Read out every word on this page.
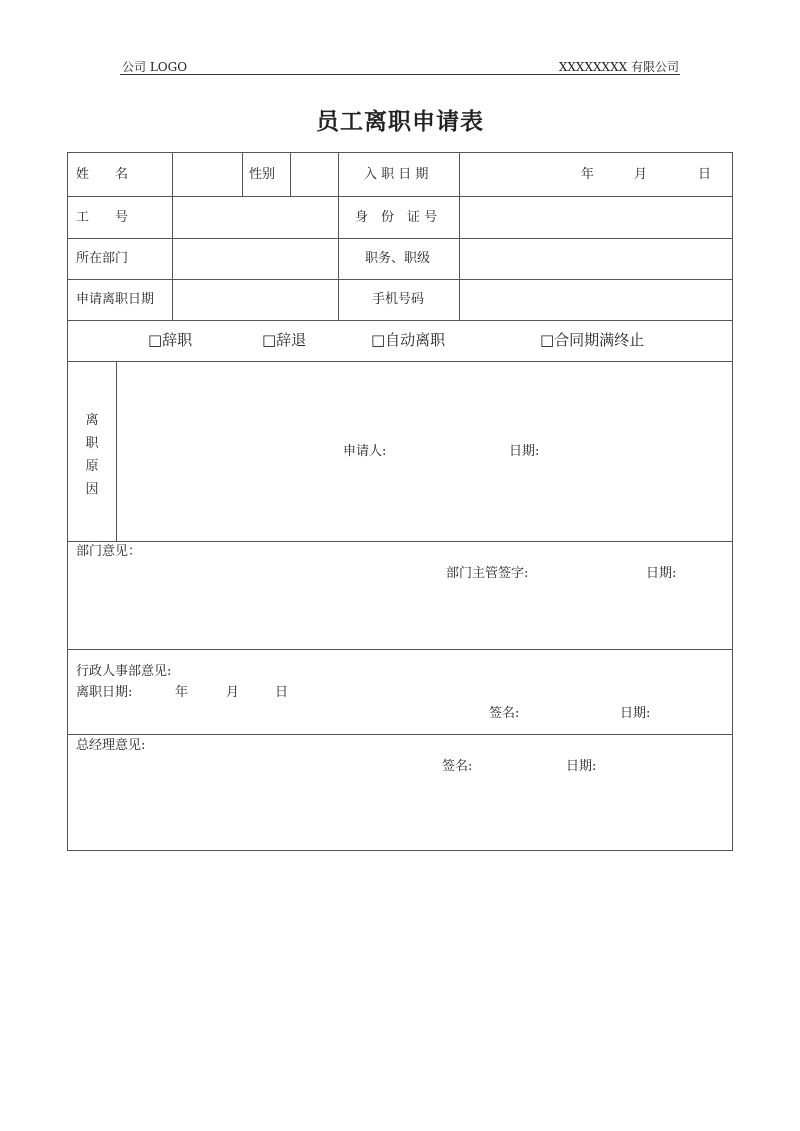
公司 LOGO	XXXXXXXX 有限公司
员工离职申请表
姓　　名	性别	入 职 日 期	年	月	日
工　　号	身　份　证 号
所在部门	职务、职级
申请离职日期	手机号码
□辞职	□辞退	□自动离职	□合同期满终止
离
职
原
因
申请人:	日期:
部门意见：
部门主管签字:	日期:
行政人事部意见:
离职日期:	年	月	日
签名:	日期:
总经理意见:
签名:	日期:
